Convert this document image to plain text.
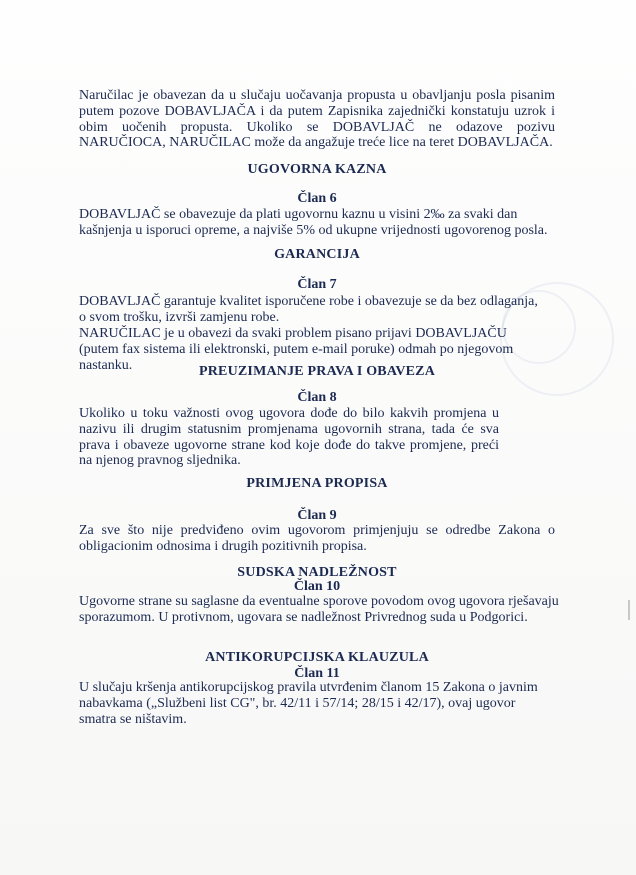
Naručilac je obavezan da u slučaju uočavanja propusta u obavljanju posla pisanim putem pozove DOBAVLJAČA i da putem Zapisnika zajednički konstatuju uzrok i obim uočenih propusta. Ukoliko se DOBAVLJAČ ne odazove pozivu NARUČIOCA, NARUČILAC može da angažuje treće lice na teret DOBAVLJAČA.

UGOVORNA KAZNA
Član 6

DOBAVLJAČ se obavezuje da plati ugovornu kaznu u visini 2‰ za svaki dan kašnjenja u isporuci opreme, a najviše 5% od ukupne vrijednosti ugovorenog posla.

GARANCIJA
Član 7

DOBAVLJAČ garantuje kvalitet isporučene robe i obavezuje se da bez odlaganja, o svom trošku, izvrši zamjenu robe.

NARUČILAC je u obavezi da svaki problem pisano prijavi DOBAVLJAČU (putem fax sistema ili elektronski, putem e-mail poruke) odmah po njegovom nastanku.	PREUZIMANJE PRAVA I OBAVEZA
Član 8

Ukoliko u toku važnosti ovog ugovora dođe do bilo kakvih promjena u nazivu ili drugim statusnim promjenama ugovornih strana, tada će sva prava i obaveze ugovorne strane kod koje dođe do takve promjene, preći na njenog pravnog sljednika.

PRIMJENA PROPISA
Član 9

Za sve što nije predviđeno ovim ugovorom primjenjuju se odredbe Zakona o obligacionim odnosima i drugih pozitivnih propisa.

SUDSKA NADLEŽNOST
Član 10

Ugovorne strane su saglasne da eventualne sporove povodom ovog ugovora rješavaju sporazumom. U protivnom, ugovara se nadležnost Privrednog suda u Podgorici.

ANTIKORUPCIJSKA KLAUZULA
Član 11

U slučaju kršenja antikorupcijskog pravila utvrđenim članom 15 Zakona o javnim nabavkama („Službeni list CG", br. 42/11 i 57/14; 28/15 i 42/17), ovaj ugovor smatra se ništavim.
